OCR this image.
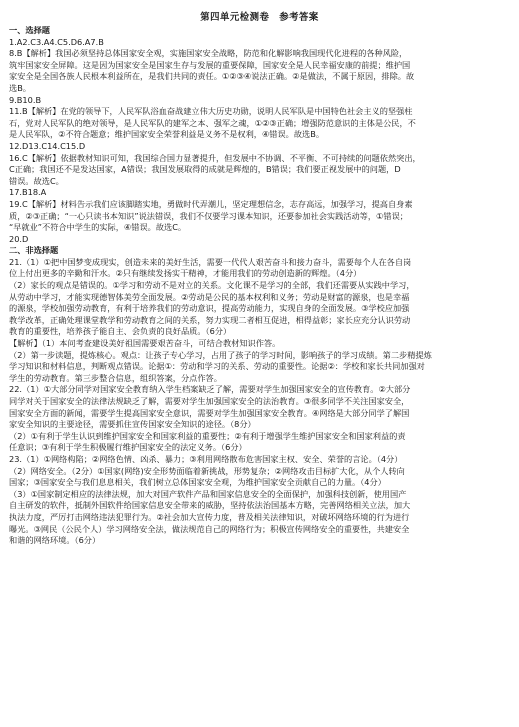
第四单元检测卷　参考答案
一、选择题
1.A2.C3.A4.C5.D6.A7.B
8.B【解析】我国必须坚持总体国家安全观，实施国家安全战略，防范和化解影响我国现代化进程的各种风险，
筑牢国家安全屏障。这是因为国家安全是国家生存与发展的重要保障，国家安全是人民幸福安康的前提；维护国
家安全是全国各族人民根本利益所在，是我们共同的责任。①②③④说法正确。②是做法，不属于原因，排除。故
选B。
9.B10.B
11.B【解析】在党的领导下，人民军队浴血奋战建立伟大历史功勋，说明人民军队是中国特色社会主义的坚强柱
石，党对人民军队的绝对领导，是人民军队的建军之本、强军之魂，①②③正确；增强防范意识的主体是公民，不
是人民军队，②不符合题意；维护国家安全荣誉利益是义务不是权利，④错误。故选B。
12.D13.C14.C15.D
16.C【解析】依据教材知识可知，我国综合国力显著提升，但发展中不协调、不平衡、不可持续的问题依然突出，
C正确；我国还不是发达国家，A错误；我国发展取得的成就是辉煌的，B错误；我们要正视发展中的问题，D
错误。故选C。
17.B18.A
19.C【解析】材料告示我们应该脚踏实地，勇做时代弄潮儿，坚定理想信念，志存高远，加强学习，提高自身素
质，②③正确；“一心只读书本知识”说法错误，我们不仅要学习课本知识，还要参加社会实践活动等，①错误；
“早就业”不符合中学生的实际，④错误。故选C。
20.D
二、非选择题
21.（1）①把中国梦变成现实，创造未来的美好生活，需要一代代人艰苦奋斗和接力奋斗，需要每个人在各自岗
位上付出更多的辛勤和汗水。②只有继续发扬实干精神，才能用我们的劳动创造新的辉煌。（4分）
（2）家长的观点是错误的。①学习和劳动不是对立的关系。文化课不是学习的全部，我们还需要从实践中学习，
从劳动中学习，才能实现德智体美劳全面发展。②劳动是公民的基本权利和义务；劳动是财富的源泉，也是幸福
的源泉，学校加强劳动教育，有利于培养我们的劳动意识，提高劳动能力，实现自身的全面发展。③学校应加强
教学改革，正确处理课堂教学和劳动教育之间的关系，努力实现二者相互促进，相得益彰；家长应充分认识劳动
教育的重要性，培养孩子能自主、会负责的良好品质。（6分）
【解析】（1）本问考查建设美好祖国需要艰苦奋斗，可结合教材知识作答。
（2）第一步读题，提炼核心。观点：让孩子专心学习，占用了孩子的学习时间，影响孩子的学习成绩。第二步精提炼
学习知识和材料信息，判断观点错误。论据①：劳动和学习的关系、劳动的重要性。论据②：学校和家长共同加强对
学生的劳动教育。第三步整合信息，组织答案，分点作答。
22.（1）①大部分同学对国家安全教育纳入学生档案缺乏了解，需要对学生加强国家安全的宣传教育。②大部分
同学对关于国家安全的法律法规缺乏了解，需要对学生加强国家安全的法治教育。③很多同学不关注国家安全，
国家安全方面的新闻，需要学生提高国家安全意识，需要对学生加强国家安全教育。④网络是大部分同学了解国
家安全知识的主要途径，需要抓住宣传国家安全知识的途径。（8分）
（2）①有利于学生认识到维护国家安全和国家利益的重要性；②有利于增强学生维护国家安全和国家利益的责
任意识；③有利于学生积极履行维护国家安全的法定义务。（6分）
23.（1）①网络构陷；②网络色情、凶杀、暴力；③利用网络散布危害国家主权、安全、荣誉的言论。（4分）
（2）网络安全。（2分）①国家(网络)安全形势面临着新挑战，形势复杂；②网络攻击目标扩大化，从个人转向
国家；③国家安全与我们息息相关，我们树立总体国家安全观，为维护国家安全贡献自己的力量。（4分）
（3）①国家制定相应的法律法规，加大对国产软件产品和国家信息安全的全面保护，加强科技创新，使用国产
自主研发的软件，抵制外国软件给国家信息安全带来的威胁，坚持依法治国基本方略，完善网络相关立法，加大
执法力度，严厉打击网络违法犯罪行为。②社会加大宣传力度，普及相关法律知识，对破坏网络环境的行为进行
曝光。③网民（公民个人）学习网络安全法，做法规范自己的网络行为；积极宣传网络安全的重要性，共建安全
和谐的网络环境。（6分）
